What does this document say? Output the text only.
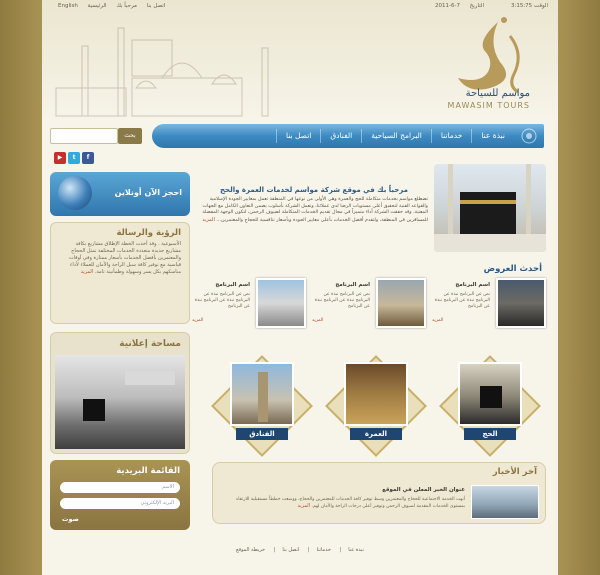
English	اتصل بنا مرحباً بك الرئيسية	التاريخ 7-6-2011	3:15:75 الوقت
مواسم للسياحة
MAWASIM TOURS
بحث	نبذة عنا
خدماتنا
البرامج السياحية
الفنادق
اتصل بنا
▶	t	f
احجز الآن أونلاين
الرؤية والرسالة
الأسبوعية . وقد أخذت الخطة الإطلاق مشاريع بكافة مشاريع جديدة متعددة الخدمات المختلفة تمثل الحجاج والمعتمرين بأفضل الخدمات بأسعار ممتازة وفي أوقات قياسية مع توفير كافة سبل الراحة والأمان للعملاء لأداء مناسكهم بكل يسر وسهولة وطمأنينة تامة. المزيد
مساحة إعلانية
القائمة البريدية
الاسم
البريد الإلكتروني
صوت
مرحباً بك في موقع شركة مواسم لخدمات العمرة والحج
تضطلع مواسم بخدمات متكاملة للحج والعمرة وهي الأولى من نوعها في المنطقة تعمل بمعايير الجودة الإسلامية والقواعد الفنية لتحقيق أعلى مستويات الرضا لدى عملائنا، وتعمل الشركة بأسلوب يضمن التعاون الكامل مع الجهات المعنية، وقد حققت الشركة أداء متميزاً في مجال تقديم الخدمات المتكاملة لضيوف الرحمن، لتكون الوجهة المفضلة للمسافرين في المنطقة، ولتقدم أفضل الخدمات بأعلى معايير الجودة وبأسعار تنافسية للحجاج والمعتمرين... المزيد
أحدث العروض
اسم البرنامج
نص عن البرنامج نبذة عن البرنامج نبذة عن البرنامج نبذة عن البرنامج
المزيد
اسم البرنامج
نص عن البرنامج نبذة عن البرنامج نبذة عن البرنامج نبذة عن البرنامج
المزيد
اسم البرنامج
نص عن البرنامج نبذة عن البرنامج نبذة عن البرنامج نبذة عن البرنامج
المزيد
الحج
العمرة
الفنادق
آخر الأخبار
عنوان الخبر المعلن في الموقع
أنهت الخدمة الاجتماعية للحجاج والمعتمرين وسط توفير كافة الخدمات للمعتمرين والحجاج، ووضعت خططاً مستقبلية للارتقاء بمستوى الخدمات المقدمة لضيوف الرحمن وتوفير أعلى درجات الراحة والأمان لهم. المزيد
نبذة عنا| خدماتنا| اتصل بنا| خريطة الموقع
